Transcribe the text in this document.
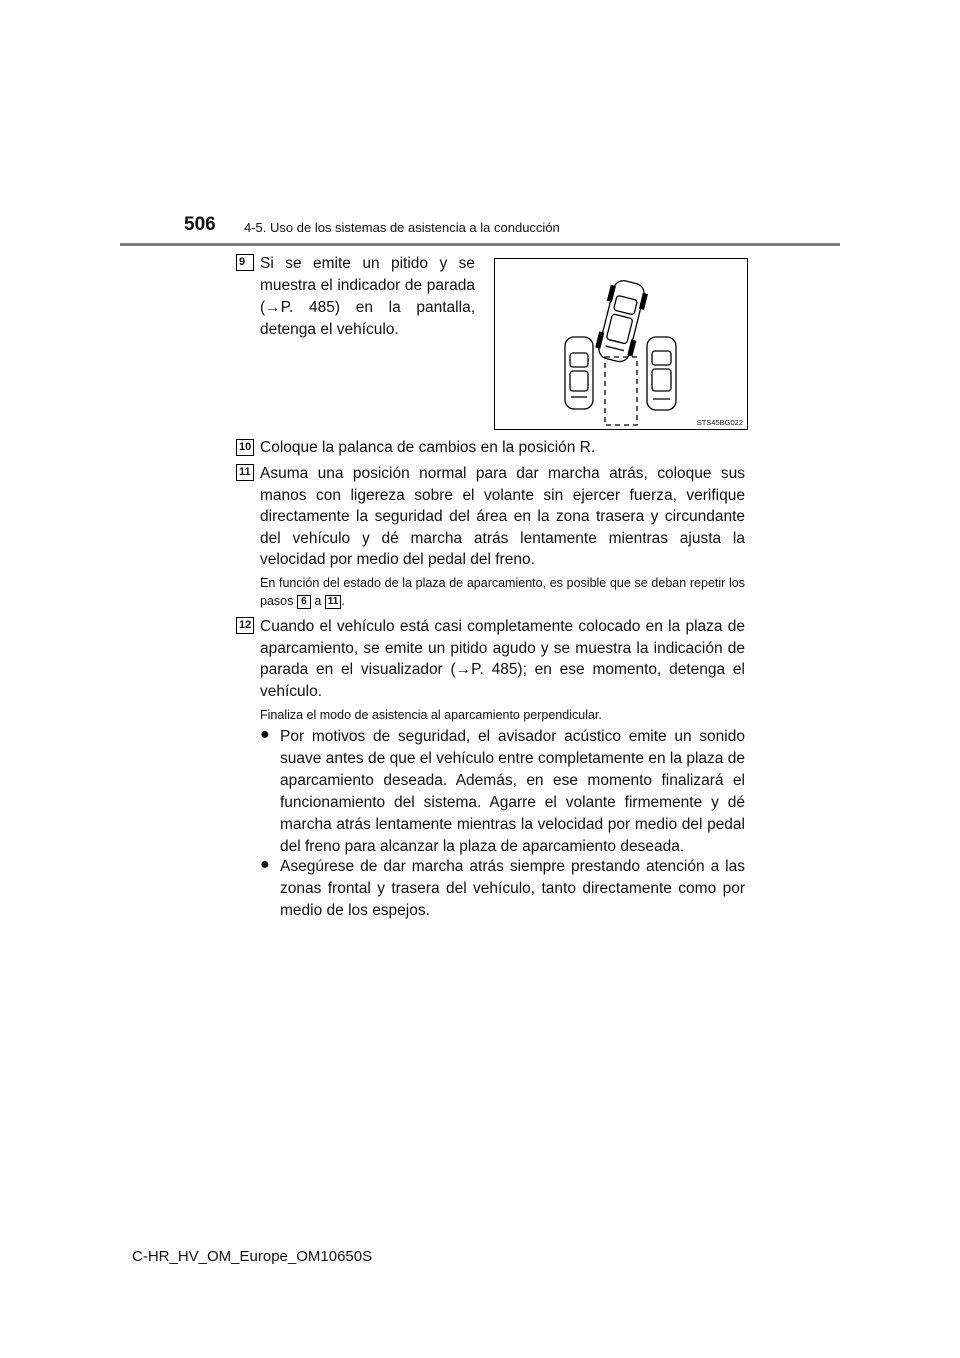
506 4-5. Uso de los sistemas de asistencia a la conducción
9 Si se emite un pitido y se muestra el indicador de parada (→P. 485) en la pantalla, detenga el vehículo.

STS45BG022
10 Coloque la palanca de cambios en la posición R.

11 Asuma una posición normal para dar marcha atrás, coloque sus manos con ligereza sobre el volante sin ejercer fuerza, verifique directamente la seguridad del área en la zona trasera y circundante del vehículo y dé marcha atrás lentamente mientras ajusta la velocidad por medio del pedal del freno.

En función del estado de la plaza de aparcamiento, es posible que se deban repetir los pasos 6 a 11 .

12 Cuando el vehículo está casi completamente colocado en la plaza de aparcamiento, se emite un pitido agudo y se muestra la indicación de parada en el visualizador (→P. 485); en ese momento, detenga el vehículo.

Finaliza el modo de asistencia al aparcamiento perpendicular.

● Por motivos de seguridad, el avisador acústico emite un sonido suave antes de que el vehículo entre completamente en la plaza de aparcamiento deseada. Además, en ese momento finalizará el funcionamiento del sistema. Agarre el volante firmemente y dé marcha atrás lentamente mientras la velocidad por medio del pedal del freno para alcanzar la plaza de aparcamiento deseada.

● Asegúrese de dar marcha atrás siempre prestando atención a las zonas frontal y trasera del vehículo, tanto directamente como por medio de los espejos.

C-HR_HV_OM_Europe_OM10650S
